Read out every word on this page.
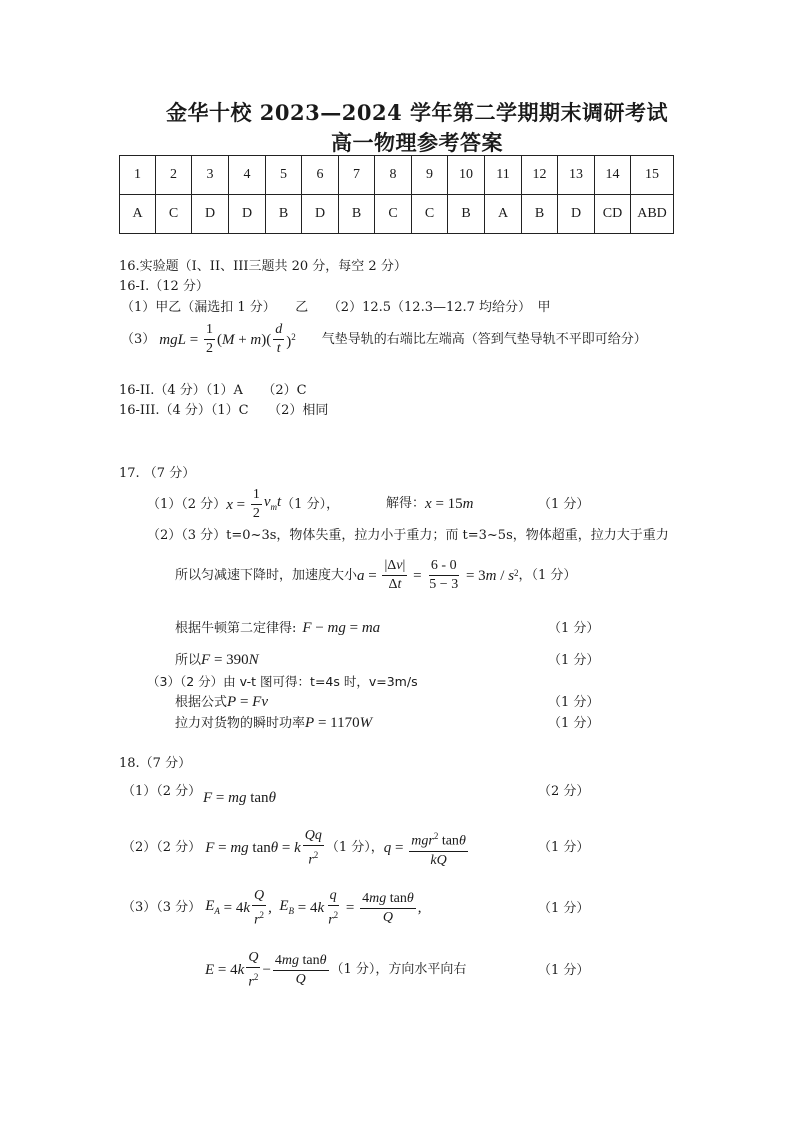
金华十校 2023—2024 学年第二学期期末调研考试
高一物理参考答案
1	2	3	4	5	6	7	8	9	10	11	12	13	14	15
A	C	D	D	B	D	B	C	C	B	A	B	D	CD	ABD
16.实验题（I、II、III三题共 20 分，每空 2 分）
16-I.（12 分）
（1）甲乙（漏选扣 1 分）　　乙　　（2）12.5（12.3—12.7 均给分）　甲
（3） mgL = $\frac{1}{2} (M + m)( \frac{d}{t} )^2$ 气垫导轨的右端比左端高（答到气垫导轨不平即可给分）
16-II.（4 分）（1）A　　（2）C
16-III.（4 分）（1）C　　（2）相同
17. （7 分）
（1）（2 分） $x = \frac{1}{2} v_mt$ （1 分），	解得： x = 15 m	（1 分）
（2）（3 分）t=0~3s，物体失重，拉力小于重力；而 t=3~5s，物体超重，拉力大于重力
所以匀减速下降时，加速度大小 $a = \frac{|\Delta v|}{\Delta t} = \frac{6 - 0}{5 - 3} = 3$ m / s $^2$ ，（1 分）
根据牛顿第二定律得: F − mg = ma	（1 分）
所以 F = 390N	（1 分）
（3）（2 分）由 v-t 图可得：t=4s 时，v=3m/s
根据公式 P = Fv	（1 分）
拉力对货物的瞬时功率 P = 1170W	（1 分）
18.（7 分）
（1）（2 分） F = mg tanθ	（2 分）
（2）（2 分） F = mg tan θ = k $\frac{Qq}{r^2} (1$ 分）， $q = \frac{mgr^2 \tan\theta}{kQ}$	（1 分）
（3）（3 分） $E_A = 4$ k $\frac{Q}{r^2}$ , $E_B = 4$ k $\frac{q}{r^2} = \frac{\text{4mg tanθ}}{Q}$ ,	（1 分）
E = 4 k $\frac{Q}{r^2} - \frac{\text{4mg tanθ}}{Q} (1$ 分），方向水平向右	（1 分）
